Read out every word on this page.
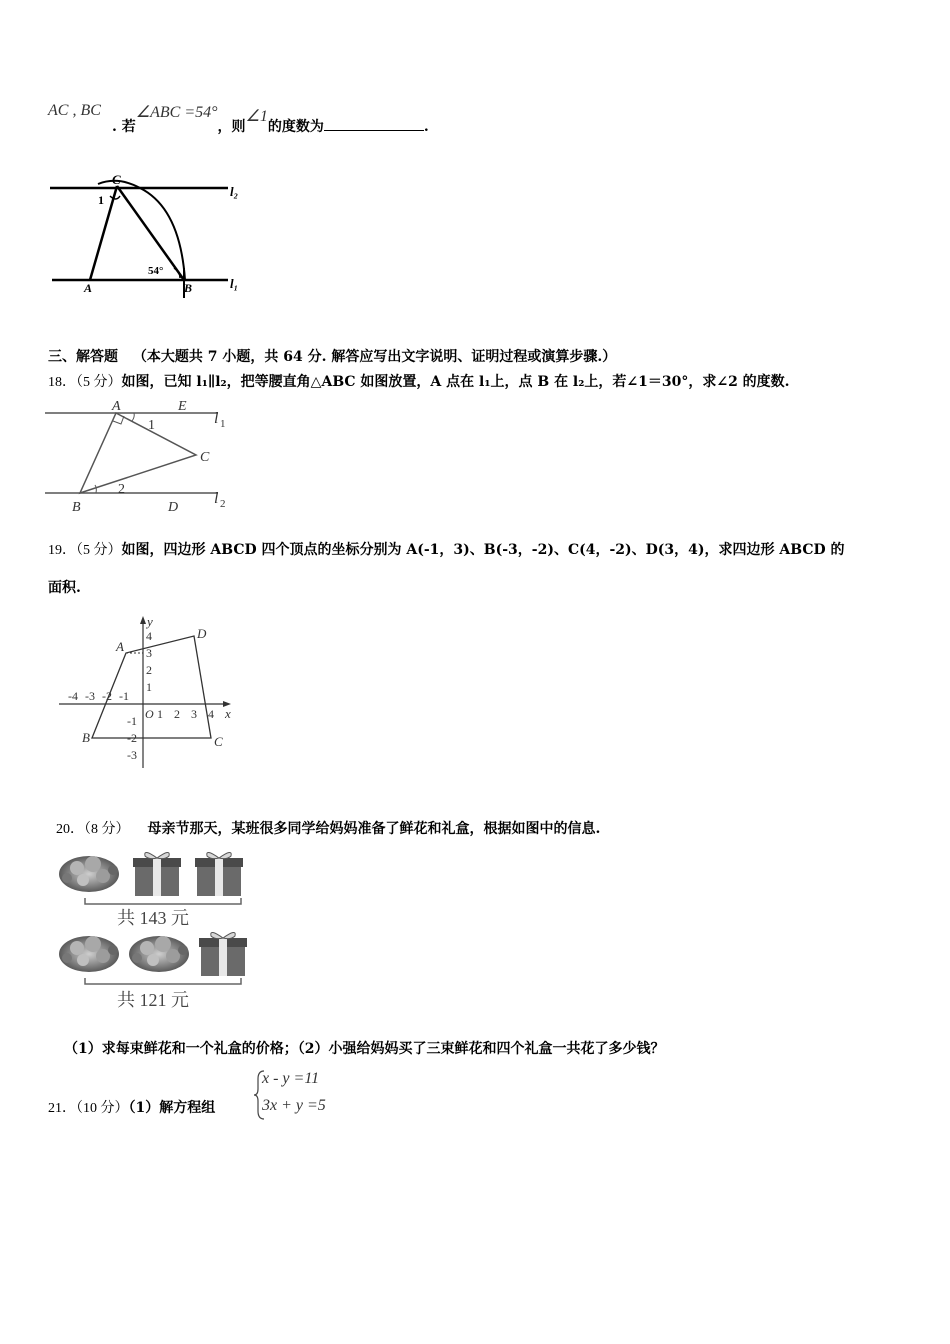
AC , BC
. 若∠ABC =54°，则∠1的度数为	.
C
1
54°
A	B
l₂
l₁
三、解答题 （本大题共 7 小题，共 64 分. 解答应写出文字说明、证明过程或演算步骤.）
18．（5 分）如图，已知 l₁∥l₂，把等腰直角△ABC 如图放置，A 点在 l₁上，点 B 在 l₂上，若∠1＝30°，求∠2 的度数.
A	E
l 1
1
C
2
B	D
l 2
19．（5 分）如图，四边形 ABCD 四个顶点的坐标分别为 A(-1，3)、B(-3，-2)、C(4，-2)、D(3，4)，求四边形 ABCD 的
面积.
x
y
O
-4 -3 -2 -1
1 2 3 4
1
2
3
4
-1
-2
-3
A
B	C
D
20．（8 分） 母亲节那天，某班很多同学给妈妈准备了鲜花和礼盒，根据如图中的信息.
共 143 元
共 121 元
（1）求每束鲜花和一个礼盒的价格；（2）小强给妈妈买了三束鲜花和四个礼盒一共花了多少钱？
21．（10 分）（1）解方程组
x - y =11
3x + y =5
